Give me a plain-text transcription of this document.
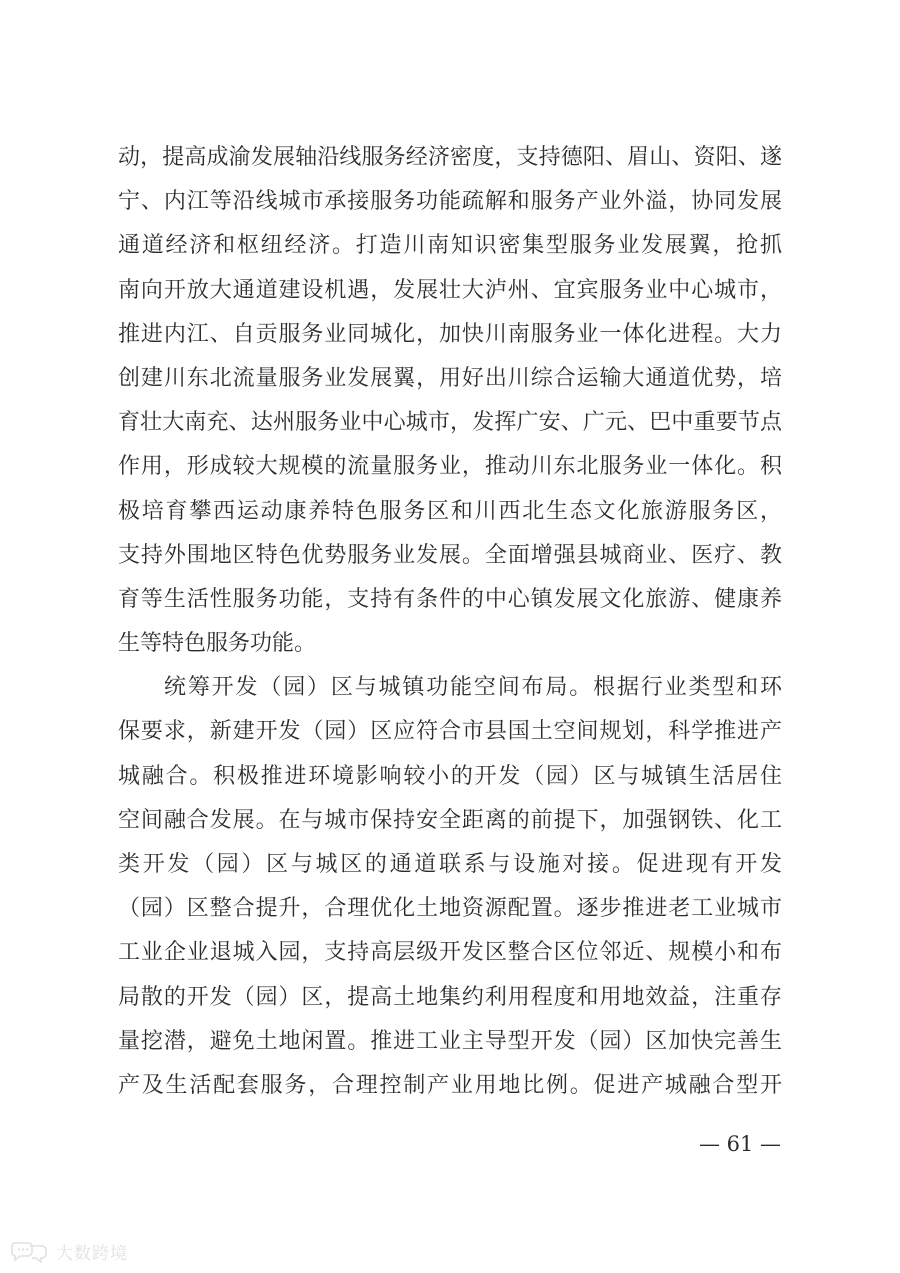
动，提高成渝发展轴沿线服务经济密度，支持德阳、眉山、资阳、遂
宁、内江等沿线城市承接服务功能疏解和服务产业外溢，协同发展
通道经济和枢纽经济。打造川南知识密集型服务业发展翼，抢抓
南向开放大通道建设机遇，发展壮大泸州、宜宾服务业中心城市，
推进内江、自贡服务业同城化，加快川南服务业一体化进程。大力
创建川东北流量服务业发展翼，用好出川综合运输大通道优势，培
育壮大南充、达州服务业中心城市，发挥广安、广元、巴中重要节点
作用，形成较大规模的流量服务业，推动川东北服务业一体化。积
极培育攀西运动康养特色服务区和川西北生态文化旅游服务区，
支持外围地区特色优势服务业发展。全面增强县城商业、医疗、教
育等生活性服务功能，支持有条件的中心镇发展文化旅游、健康养
生等特色服务功能。
统筹开发（园）区与城镇功能空间布局。根据行业类型和环
保要求，新建开发（园）区应符合市县国土空间规划，科学推进产
城融合。积极推进环境影响较小的开发（园）区与城镇生活居住
空间融合发展。在与城市保持安全距离的前提下，加强钢铁、化工
类开发（园）区与城区的通道联系与设施对接。促进现有开发
（园）区整合提升，合理优化土地资源配置。逐步推进老工业城市
工业企业退城入园，支持高层级开发区整合区位邻近、规模小和布
局散的开发（园）区，提高土地集约利用程度和用地效益，注重存
量挖潜，避免土地闲置。推进工业主导型开发（园）区加快完善生
产及生活配套服务，合理控制产业用地比例。促进产城融合型开
— 61 —
大数跨境
